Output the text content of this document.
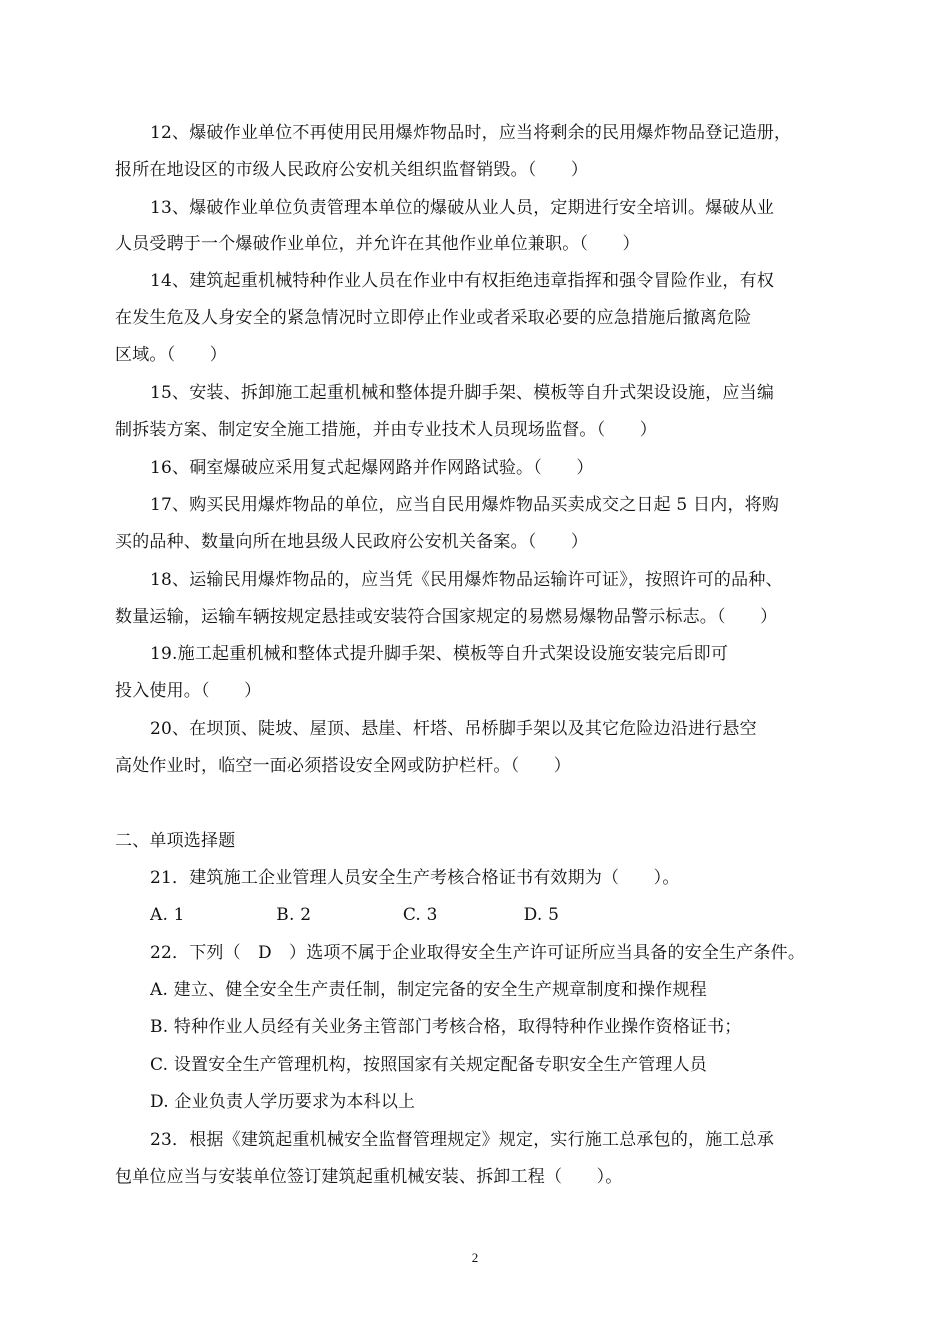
12、爆破作业单位不再使用民用爆炸物品时，应当将剩余的民用爆炸物品登记造册，
报所在地设区的市级人民政府公安机关组织监督销毁。（　　）
13、爆破作业单位负责管理本单位的爆破从业人员，定期进行安全培训。爆破从业
人员受聘于一个爆破作业单位，并允许在其他作业单位兼职。（　　）
14、建筑起重机械特种作业人员在作业中有权拒绝违章指挥和强令冒险作业，有权
在发生危及人身安全的紧急情况时立即停止作业或者采取必要的应急措施后撤离危险
区域。（　　）
15、安装、拆卸施工起重机械和整体提升脚手架、模板等自升式架设设施，应当编
制拆装方案、制定安全施工措施，并由专业技术人员现场监督。（　　）
16、硐室爆破应采用复式起爆网路并作网路试验。（　　）
17、购买民用爆炸物品的单位，应当自民用爆炸物品买卖成交之日起 5 日内，将购
买的品种、数量向所在地县级人民政府公安机关备案。（　　）
18、运输民用爆炸物品的，应当凭《民用爆炸物品运输许可证》，按照许可的品种、
数量运输，运输车辆按规定悬挂或安装符合国家规定的易燃易爆物品警示标志。（　　）
19.施工起重机械和整体式提升脚手架、模板等自升式架设设施安装完后即可
投入使用。（　　）
20、在坝顶、陡坡、屋顶、悬崖、杆塔、吊桥脚手架以及其它危险边沿进行悬空
高处作业时，临空一面必须搭设安全网或防护栏杆。（　　）
二、单项选择题
21．建筑施工企业管理人员安全生产考核合格证书有效期为（　　）。
A. 1　　　　　 B. 2　　　　　 C. 3　　　　　D. 5
22．下列（　D　）选项不属于企业取得安全生产许可证所应当具备的安全生产条件。
A. 建立、健全安全生产责任制，制定完备的安全生产规章制度和操作规程
B. 特种作业人员经有关业务主管部门考核合格，取得特种作业操作资格证书；
C. 设置安全生产管理机构，按照国家有关规定配备专职安全生产管理人员
D. 企业负责人学历要求为本科以上
23．根据《建筑起重机械安全监督管理规定》规定，实行施工总承包的，施工总承
包单位应当与安装单位签订建筑起重机械安装、拆卸工程（　　）。
2
